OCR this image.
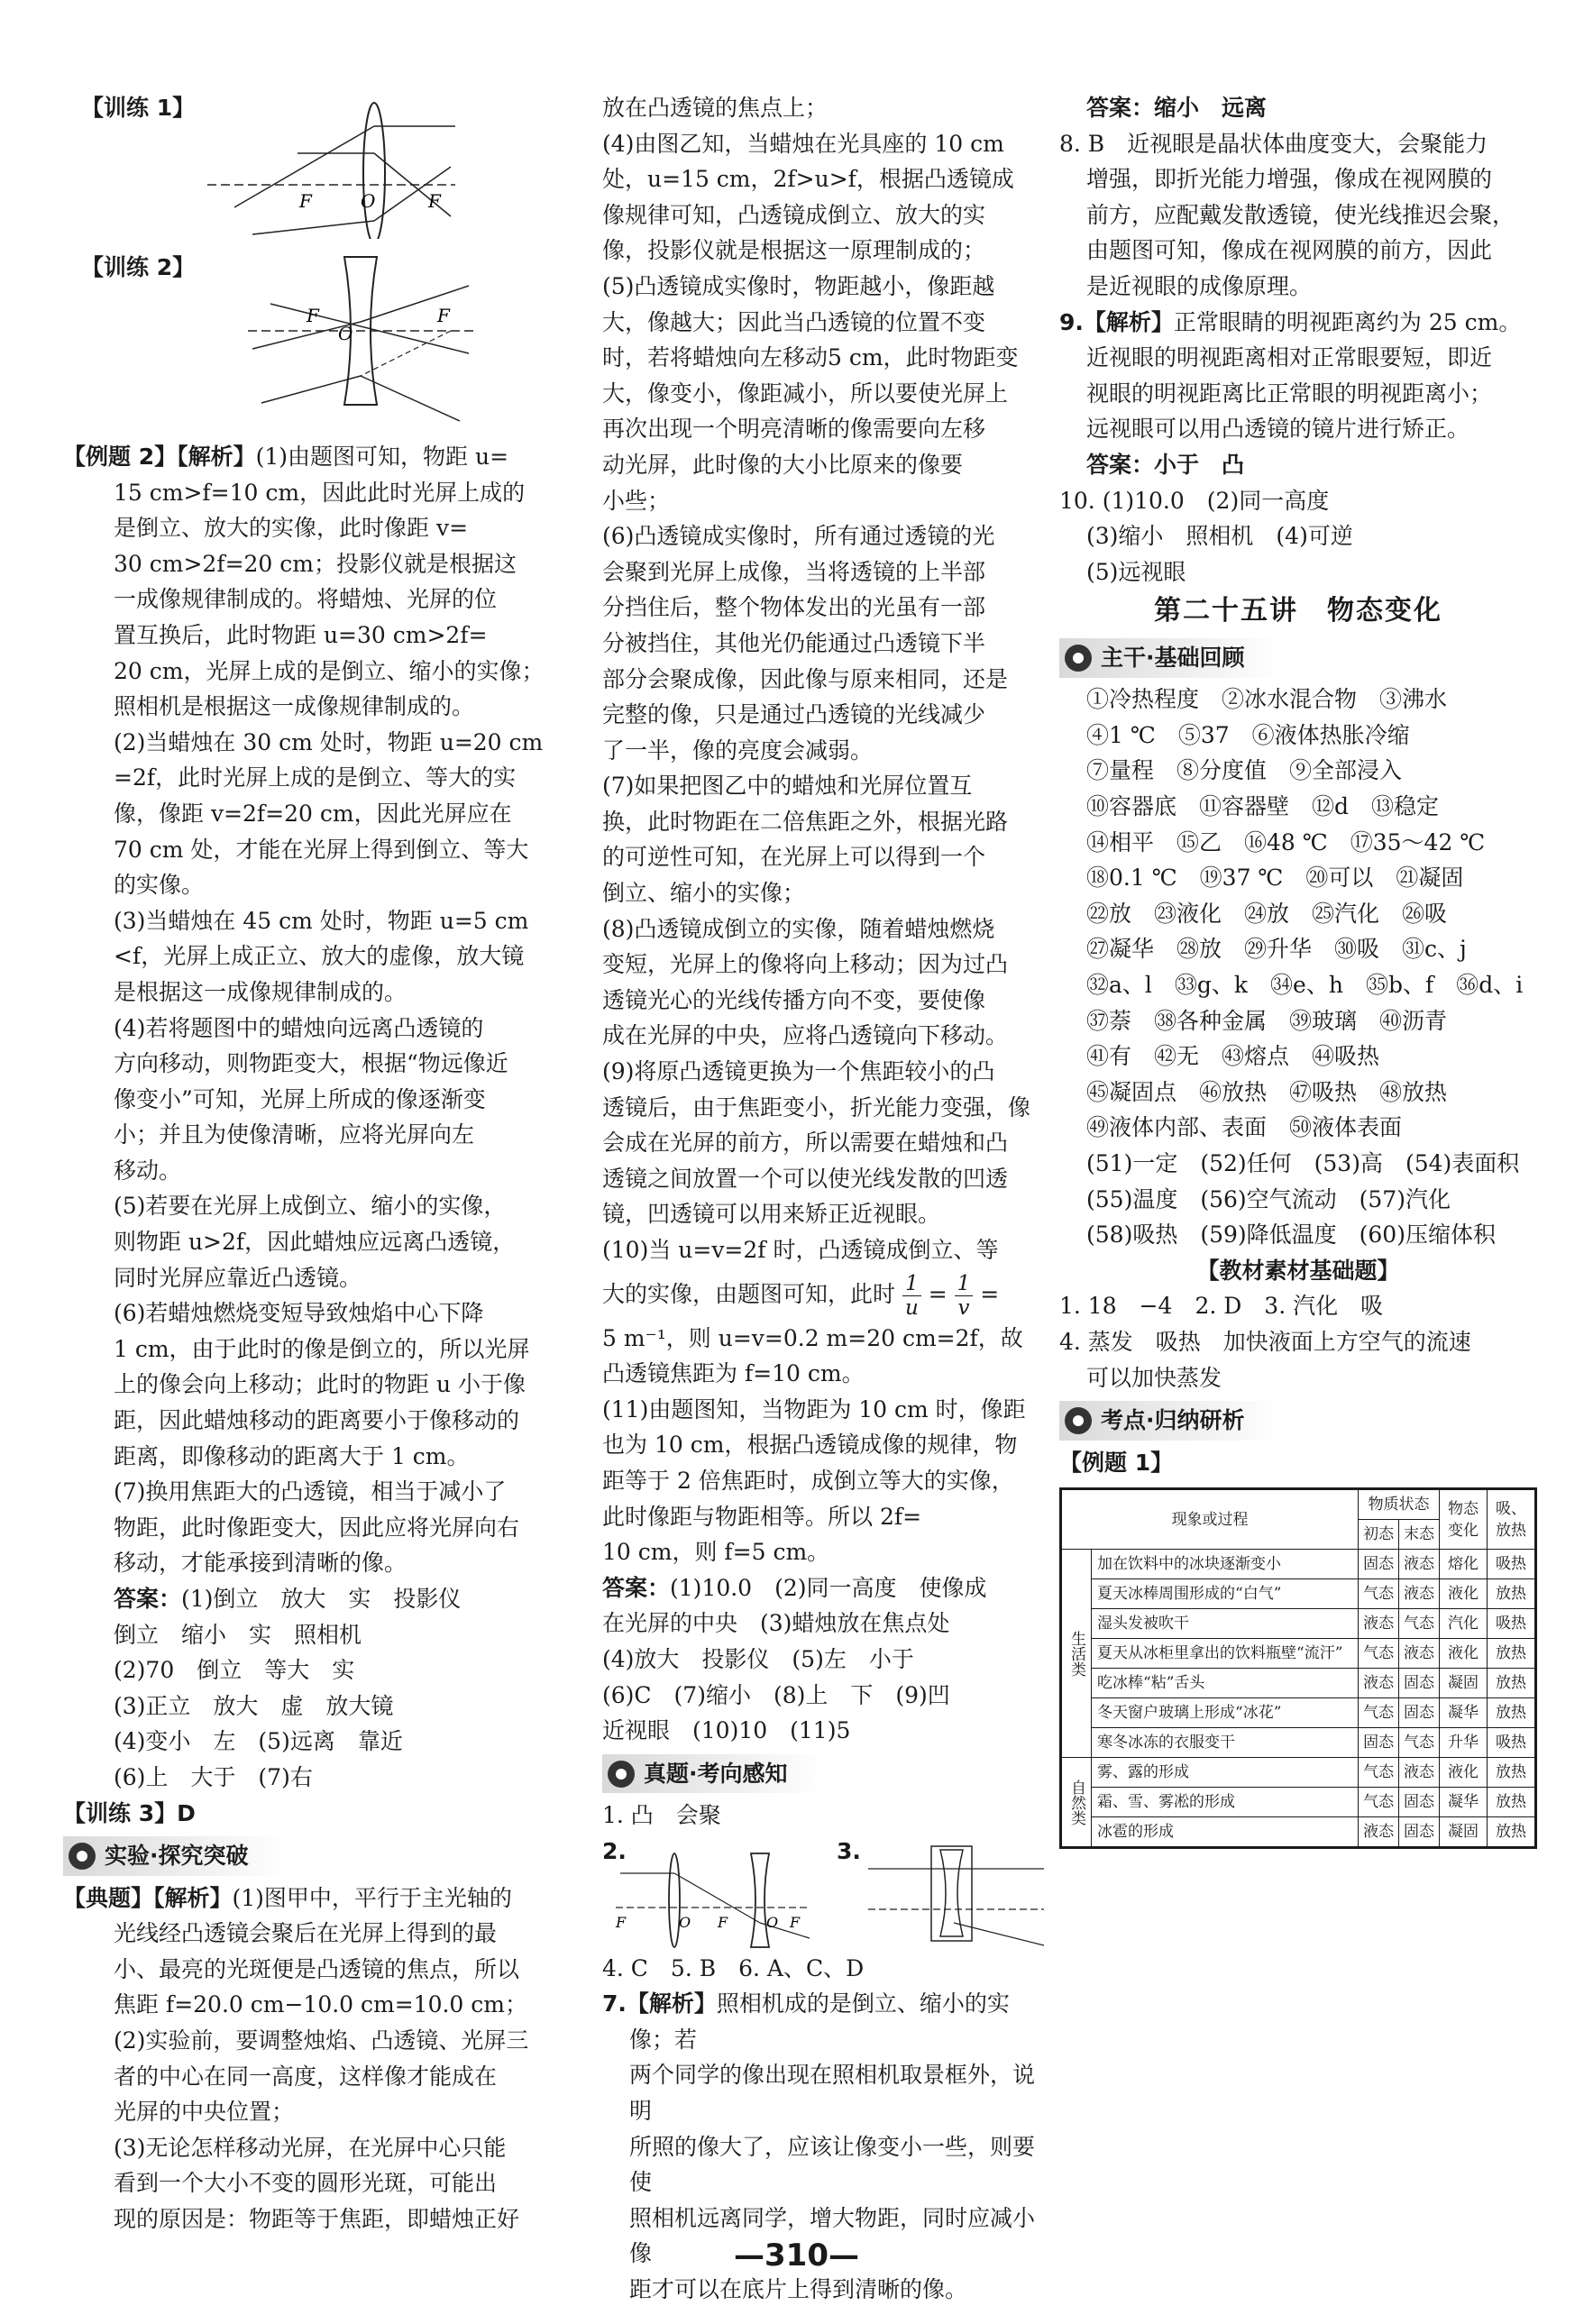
【训练 1】
F	O	F
【训练 2】
F
O
F

【例题 2】【解析】(1)由题图可知，物距 u=

15 cm>f=10 cm，因此此时光屏上成的

是倒立、放大的实像，此时像距 v=

30 cm>2f=20 cm；投影仪就是根据这

一成像规律制成的。将蜡烛、光屏的位

置互换后，此时物距 u=30 cm>2f=

20 cm，光屏上成的是倒立、缩小的实像；

照相机是根据这一成像规律制成的。

(2)当蜡烛在 30 cm 处时，物距 u=20 cm

=2f，此时光屏上成的是倒立、等大的实

像，像距 v=2f=20 cm，因此光屏应在

70 cm 处，才能在光屏上得到倒立、等大

的实像。

(3)当蜡烛在 45 cm 处时，物距 u=5 cm

<f，光屏上成正立、放大的虚像，放大镜

是根据这一成像规律制成的。

(4)若将题图中的蜡烛向远离凸透镜的

方向移动，则物距变大，根据“物远像近

像变小”可知，光屏上所成的像逐渐变

小；并且为使像清晰，应将光屏向左

移动。

(5)若要在光屏上成倒立、缩小的实像，

则物距 u>2f，因此蜡烛应远离凸透镜，

同时光屏应靠近凸透镜。

(6)若蜡烛燃烧变短导致烛焰中心下降

1 cm，由于此时的像是倒立的，所以光屏

上的像会向上移动；此时的物距 u 小于像

距，因此蜡烛移动的距离要小于像移动的

距离，即像移动的距离大于 1 cm。

(7)换用焦距大的凸透镜，相当于减小了

物距，此时像距变大，因此应将光屏向右

移动，才能承接到清晰的像。

答案：(1)倒立　放大　实　投影仪

倒立　缩小　实　照相机

(2)70　倒立　等大　实

(3)正立　放大　虚　放大镜

(4)变小　左　(5)远离　靠近

(6)上　大于　(7)右

【训练 3】D

实验·探究突破

【典题】【解析】(1)图甲中，平行于主光轴的

光线经凸透镜会聚后在光屏上得到的最

小、最亮的光斑便是凸透镜的焦点，所以

焦距 f=20.0 cm−10.0 cm=10.0 cm；

(2)实验前，要调整烛焰、凸透镜、光屏三

者的中心在同一高度，这样像才能成在

光屏的中央位置；

(3)无论怎样移动光屏，在光屏中心只能

看到一个大小不变的圆形光斑，可能出

现的原因是：物距等于焦距，即蜡烛正好

放在凸透镜的焦点上；

(4)由图乙知，当蜡烛在光具座的 10 cm

处，u=15 cm，2f>u>f，根据凸透镜成

像规律可知，凸透镜成倒立、放大的实

像，投影仪就是根据这一原理制成的；

(5)凸透镜成实像时，物距越小，像距越

大，像越大；因此当凸透镜的位置不变

时，若将蜡烛向左移动5 cm，此时物距变

大，像变小，像距减小，所以要使光屏上

再次出现一个明亮清晰的像需要向左移

动光屏，此时像的大小比原来的像要

小些；

(6)凸透镜成实像时，所有通过透镜的光

会聚到光屏上成像，当将透镜的上半部

分挡住后，整个物体发出的光虽有一部

分被挡住，其他光仍能通过凸透镜下半

部分会聚成像，因此像与原来相同，还是

完整的像，只是通过凸透镜的光线减少

了一半，像的亮度会减弱。

(7)如果把图乙中的蜡烛和光屏位置互

换，此时物距在二倍焦距之外，根据光路

的可逆性可知，在光屏上可以得到一个

倒立、缩小的实像；

(8)凸透镜成倒立的实像，随着蜡烛燃烧

变短，光屏上的像将向上移动；因为过凸

透镜光心的光线传播方向不变，要使像

成在光屏的中央，应将凸透镜向下移动。

(9)将原凸透镜更换为一个焦距较小的凸

透镜后，由于焦距变小，折光能力变强，像

会成在光屏的前方，所以需要在蜡烛和凸

透镜之间放置一个可以使光线发散的凹透

镜，凹透镜可以用来矫正近视眼。

(10)当 u=v=2f 时，凸透镜成倒立、等

大的实像，由题图可知，此时 $\frac{1}{u} = \frac{1}{v}$ =

5 m⁻¹，则 u=v=0.2 m=20 cm=2f，故

凸透镜焦距为 f=10 cm。

(11)由题图知，当物距为 10 cm 时，像距

也为 10 cm，根据凸透镜成像的规律，物

距等于 2 倍焦距时，成倒立等大的实像，

此时像距与物距相等。所以 2f=

10 cm，则 f=5 cm。

答案：(1)10.0　(2)同一高度　使像成

在光屏的中央　(3)蜡烛放在焦点处

(4)放大　投影仪　(5)左　小于

(6)C　(7)缩小　(8)上　下　(9)凹

近视眼　(10)10　(11)5

真题·考向感知

1. 凸　会聚

2.
F	O F	O F
3.

4. C　5. B　6. A、C、D

7.【解析】照相机成的是倒立、缩小的实像；若

两个同学的像出现在照相机取景框外，说明

所照的像大了，应该让像变小一些，则要使

照相机远离同学，增大物距，同时应减小像

距才可以在底片上得到清晰的像。

答案：缩小　远离

8. B　近视眼是晶状体曲度变大，会聚能力

增强，即折光能力增强，像成在视网膜的

前方，应配戴发散透镜，使光线推迟会聚，

由题图可知，像成在视网膜的前方，因此

是近视眼的成像原理。

9.【解析】正常眼睛的明视距离约为 25 cm。

近视眼的明视距离相对正常眼要短，即近

视眼的明视距离比正常眼的明视距离小；

远视眼可以用凸透镜的镜片进行矫正。

答案：小于　凸

10. (1)10.0　(2)同一高度

(3)缩小　照相机　(4)可逆

(5)远视眼

第二十五讲　物态变化
主干·基础回顾

①冷热程度　②冰水混合物　③沸水

④1 ℃　⑤37　⑥液体热胀冷缩

⑦量程　⑧分度值　⑨全部浸入

⑩容器底　⑪容器壁　⑫d　⑬稳定

⑭相平　⑮乙　⑯48 ℃　⑰35～42 ℃

⑱0.1 ℃　⑲37 ℃　⑳可以　㉑凝固

㉒放　㉓液化　㉔放　㉕汽化　㉖吸

㉗凝华　㉘放　㉙升华　㉚吸　㉛c、j

㉜a、l　㉝g、k　㉞e、h　㉟b、f　㊱d、i

㊲萘　㊳各种金属　㊴玻璃　㊵沥青

㊶有　㊷无　㊸熔点　㊹吸热

㊺凝固点　㊻放热　㊼吸热　㊽放热

㊾液体内部、表面　㊿液体表面

(51)一定　(52)任何　(53)高　(54)表面积

(55)温度　(56)空气流动　(57)汽化

(58)吸热　(59)降低温度　(60)压缩体积

【教材素材基础题】

1. 18　−4　2. D　3. 汽化　吸

4. 蒸发　吸热　加快液面上方空气的流速

可以加快蒸发

考点·归纳研析

【例题 1】

现象或过程		物质状态		物态变化	吸、放热
		初态	末态		
生活类	加在饮料中的冰块逐渐变小	固态	液态	熔化	吸热
	夏天冰棒周围形成的“白气”	气态	液态	液化	放热
	湿头发被吹干	液态	气态	汽化	吸热
	夏天从冰柜里拿出的饮料瓶壁“流汗”	气态	液态	液化	放热
	吃冰棒“粘”舌头	液态	固态	凝固	放热
	冬天窗户玻璃上形成“冰花”	气态	固态	凝华	放热
	寒冬冰冻的衣服变干	固态	气态	升华	吸热
自然类	雾、露的形成	气态	液态	液化	放热
	霜、雪、雾凇的形成	气态	固态	凝华	放热
	冰雹的形成	液态	固态	凝固	放热
—310—
